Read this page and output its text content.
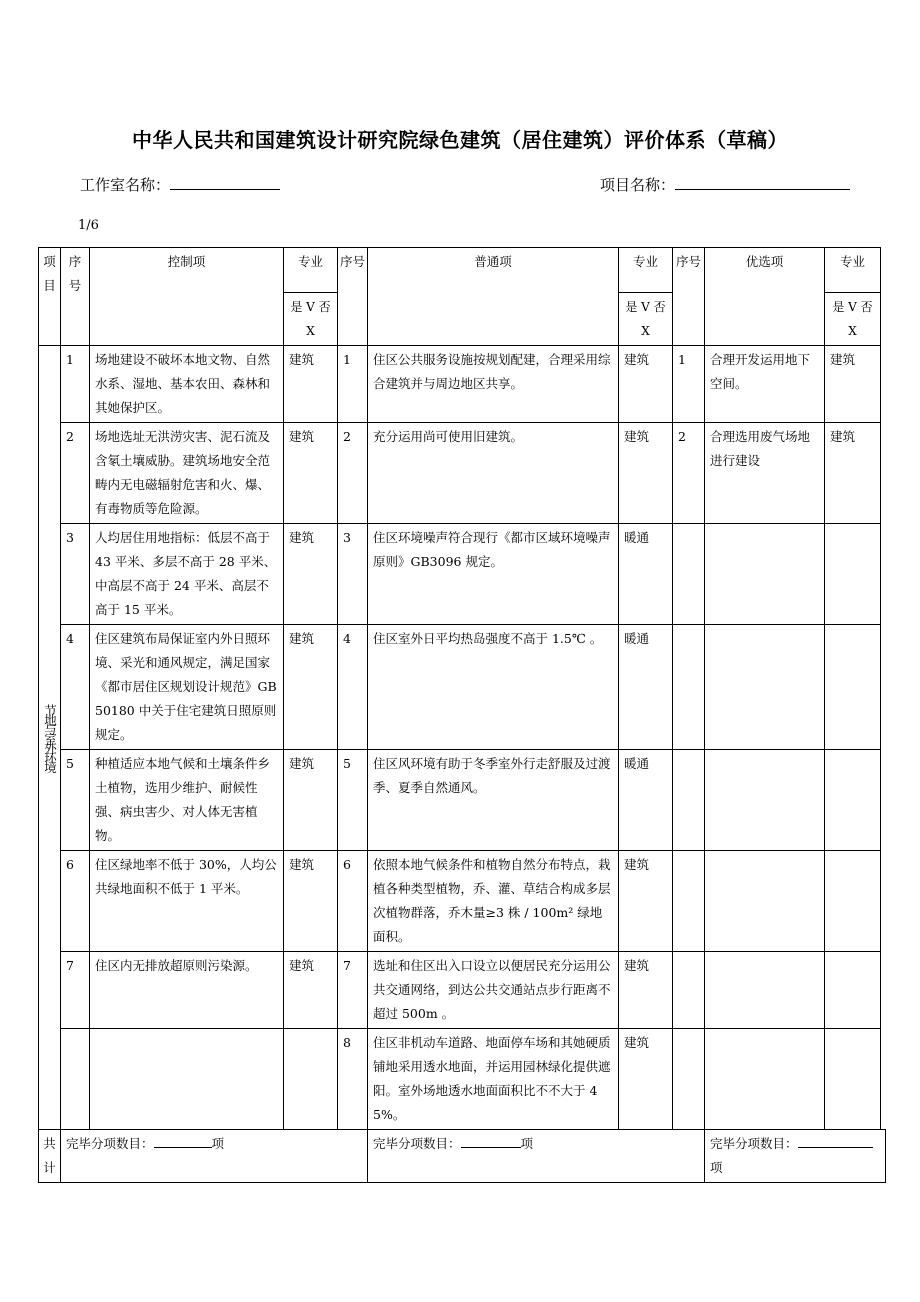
中华人民共和国建筑设计研究院绿色建筑（居住建筑）评价体系（草稿）
工作室名称：	项目名称：
1/6
项目	序号	控制项	专业	序号	普通项	专业	序号	优选项	专业
			是 V 否 X			是 V 否 X			是 V 否 X

节地与室外环境	1	场地建设不破坏本地文物、自然水系、湿地、基本农田、森林和其她保护区。	建筑	1	住区公共服务设施按规划配建，合理采用综合建筑并与周边地区共享。	建筑	1	合理开发运用地下空间。	建筑
	2	场地选址无洪涝灾害、泥石流及含氡土壤威胁。建筑场地安全范畴内无电磁辐射危害和火、爆、有毒物质等危险源。	建筑	2	充分运用尚可使用旧建筑。	建筑	2	合理选用废气场地进行建设	建筑
	3	人均居住用地指标：低层不高于 43 平米、多层不高于 28 平米、中高层不高于 24 平米、高层不高于 15 平米。	建筑	3	住区环境噪声符合现行《都市区域环境噪声原则》GB3096 规定。	暖通			
	4	住区建筑布局保证室内外日照环境、采光和通风规定，满足国家《都市居住区规划设计规范》GB50180 中关于住宅建筑日照原则规定。	建筑	4	住区室外日平均热岛强度不高于 1.5℃ 。	暖通			
	5	种植适应本地气候和土壤条件乡土植物，选用少维护、耐候性强、病虫害少、对人体无害植物。	建筑	5	住区风环境有助于冬季室外行走舒服及过渡季、夏季自然通风。	暖通			
	6	住区绿地率不低于 30%，人均公共绿地面积不低于 1 平米。	建筑	6	依照本地气候条件和植物自然分布特点，栽植各种类型植物，乔、灌、草结合构成多层次植物群落，乔木量≥3 株 / 100m² 绿地面积。	建筑			
	7	住区内无排放超原则污染源。	建筑	7	选址和住区出入口设立以便居民充分运用公共交通网络，到达公共交通站点步行距离不超过 500m 。	建筑			
				8	住区非机动车道路、地面停车场和其她硬质铺地采用透水地面，并运用园林绿化提供遮阳。室外场地透水地面面积比不不大于 45%。	建筑			
共计	完毕分项数目： 项				完毕分项数目： 项			完毕分项数目：项	
